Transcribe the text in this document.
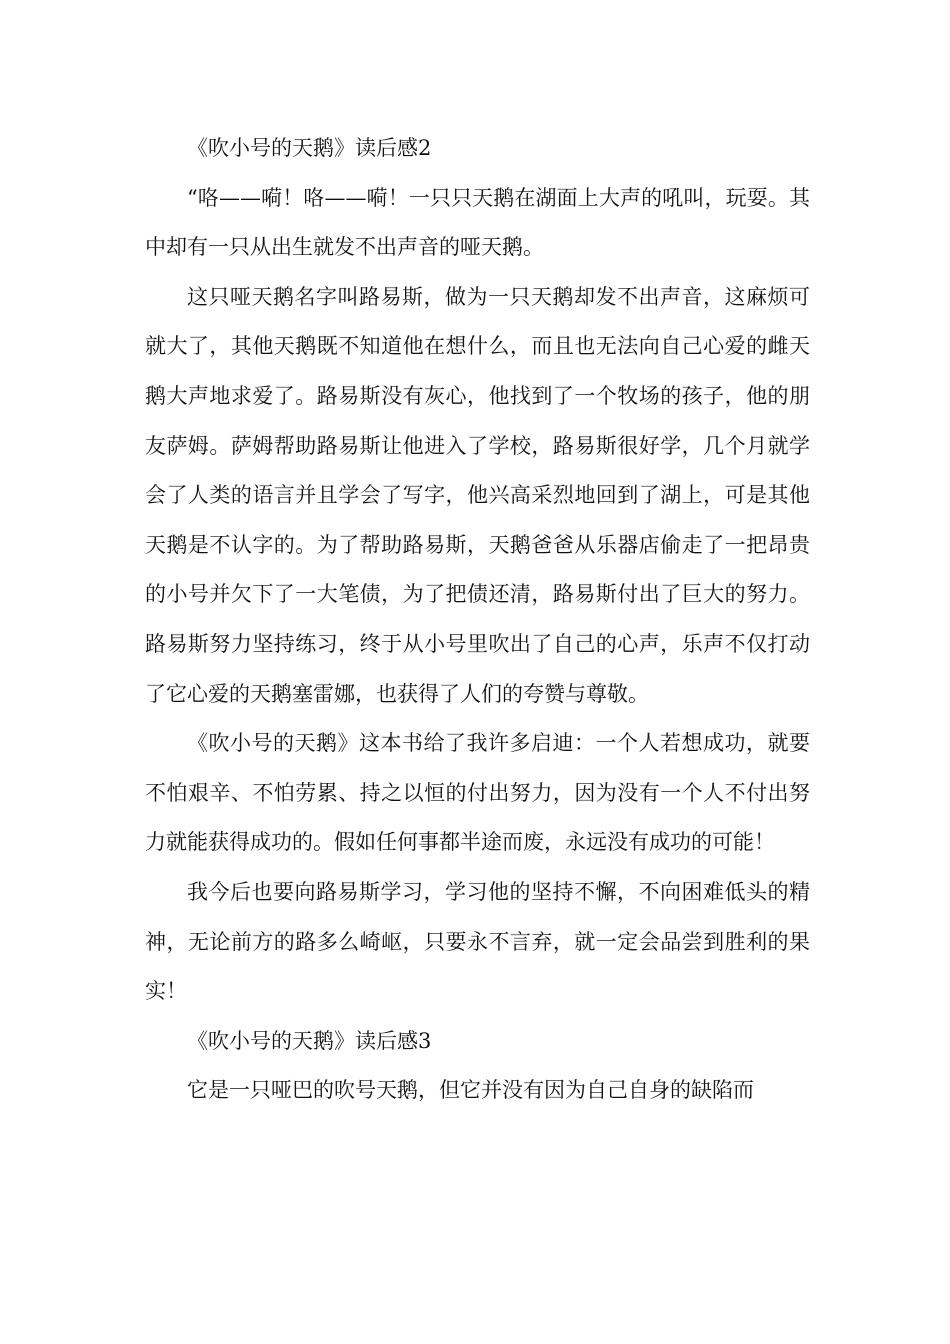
《吹小号的天鹅》读后感2

“咯——嗬！咯——嗬！一只只天鹅在湖面上大声的吼叫，玩耍。其中却有一只从出生就发不出声音的哑天鹅。

这只哑天鹅名字叫路易斯，做为一只天鹅却发不出声音，这麻烦可就大了，其他天鹅既不知道他在想什么，而且也无法向自己心爱的雌天鹅大声地求爱了。路易斯没有灰心，他找到了一个牧场的孩子，他的朋友萨姆。萨姆帮助路易斯让他进入了学校，路易斯很好学，几个月就学会了人类的语言并且学会了写字，他兴高采烈地回到了湖上，可是其他天鹅是不认字的。为了帮助路易斯，天鹅爸爸从乐器店偷走了一把昂贵的小号并欠下了一大笔债，为了把债还清，路易斯付出了巨大的努力。路易斯努力坚持练习，终于从小号里吹出了自己的心声，乐声不仅打动了它心爱的天鹅塞雷娜，也获得了人们的夸赞与尊敬。

《吹小号的天鹅》这本书给了我许多启迪：一个人若想成功，就要不怕艰辛、不怕劳累、持之以恒的付出努力，因为没有一个人不付出努力就能获得成功的。假如任何事都半途而废，永远没有成功的可能！

我今后也要向路易斯学习，学习他的坚持不懈，不向困难低头的精神，无论前方的路多么崎岖，只要永不言弃，就一定会品尝到胜利的果实！

《吹小号的天鹅》读后感3

它是一只哑巴的吹号天鹅，但它并没有因为自己自身的缺陷而
